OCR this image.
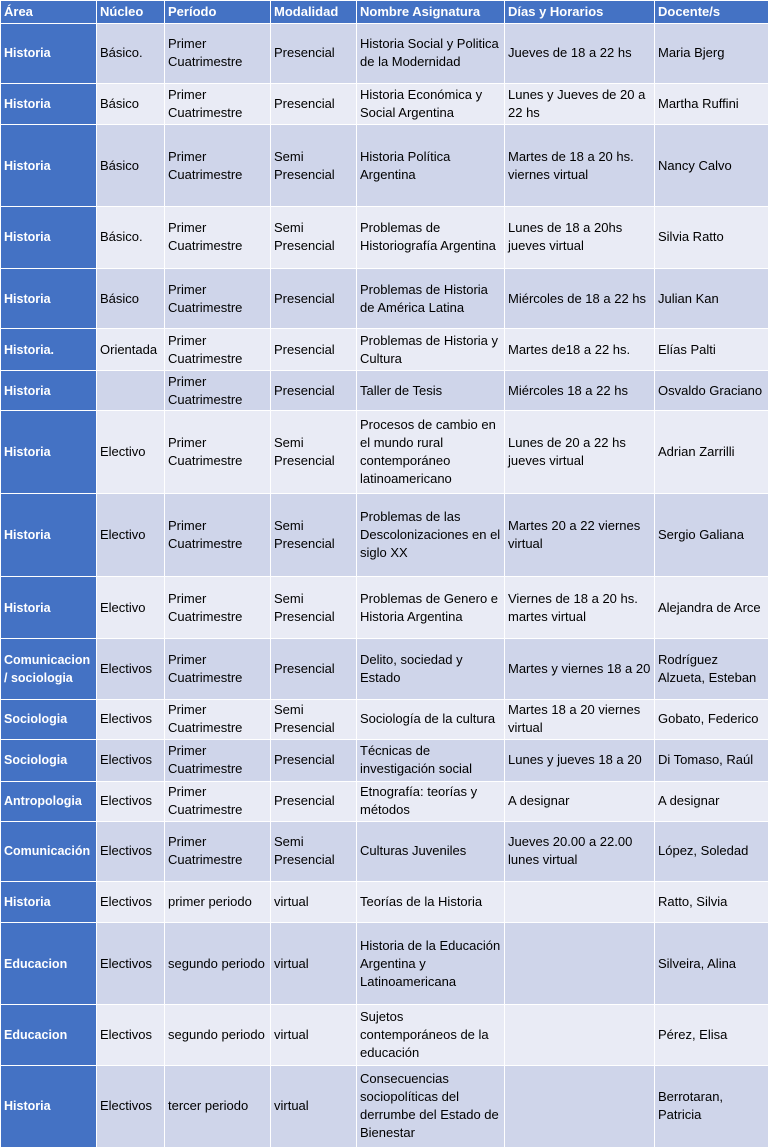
Área	Núcleo	Período	Modalidad	Nombre Asignatura	Días y Horarios	Docente/s
Historia	Básico.	Primer Cuatrimestre	Presencial	Historia Social y Politica de la Modernidad	Jueves de 18 a 22 hs	Maria Bjerg
Historia	Básico	Primer Cuatrimestre	Presencial	Historia Económica y Social Argentina	Lunes y Jueves de 20 a 22 hs	Martha Ruffini
Historia	Básico	Primer Cuatrimestre	Semi Presencial	Historia Política Argentina	Martes de 18 a 20 hs. viernes virtual	Nancy Calvo
Historia	Básico.	Primer Cuatrimestre	Semi Presencial	Problemas de Historiografía Argentina	Lunes de 18 a 20hs jueves virtual	Silvia Ratto
Historia	Básico	Primer Cuatrimestre	Presencial	Problemas de Historia de América Latina	Miércoles de 18 a 22 hs	Julian Kan
Historia.	Orientada	Primer Cuatrimestre	Presencial	Problemas de Historia y Cultura	Martes de18 a 22 hs.	Elías Palti
Historia		Primer Cuatrimestre	Presencial	Taller de Tesis	Miércoles 18 a 22 hs	Osvaldo Graciano
Historia	Electivo	Primer Cuatrimestre	Semi Presencial	Procesos de cambio en el mundo rural contemporáneo latinoamericano	Lunes de 20 a 22 hs jueves virtual	Adrian Zarrilli
Historia	Electivo	Primer Cuatrimestre	Semi Presencial	Problemas de las Descolonizaciones en el siglo XX	Martes 20 a 22 viernes virtual	Sergio Galiana
Historia	Electivo	Primer Cuatrimestre	Semi Presencial	Problemas de Genero e Historia Argentina	Viernes de 18 a 20 hs. martes virtual	Alejandra de Arce
Comunicacion / sociologia	Electivos	Primer Cuatrimestre	Presencial	Delito, sociedad y Estado	Martes y viernes 18 a 20	Rodríguez Alzueta, Esteban
Sociologia	Electivos	Primer Cuatrimestre	Semi Presencial	Sociología de la cultura	Martes 18 a 20 viernes virtual	Gobato, Federico
Sociologia	Electivos	Primer Cuatrimestre	Presencial	Técnicas de investigación social	Lunes y jueves 18 a 20	Di Tomaso, Raúl
Antropologia	Electivos	Primer Cuatrimestre	Presencial	Etnografía: teorías y métodos	A designar	A designar
Comunicación	Electivos	Primer Cuatrimestre	Semi Presencial	Culturas Juveniles	Jueves 20.00 a 22.00 lunes virtual	López, Soledad
Historia	Electivos	primer periodo	virtual	Teorías de la Historia		Ratto, Silvia
Educacion	Electivos	segundo periodo	virtual	Historia de la Educación Argentina y Latinoamericana		Silveira, Alina
Educacion	Electivos	segundo periodo	virtual	Sujetos contemporáneos de la educación		Pérez, Elisa
Historia	Electivos	tercer periodo	virtual	Consecuencias sociopolíticas del derrumbe del Estado de Bienestar		Berrotaran, Patricia
